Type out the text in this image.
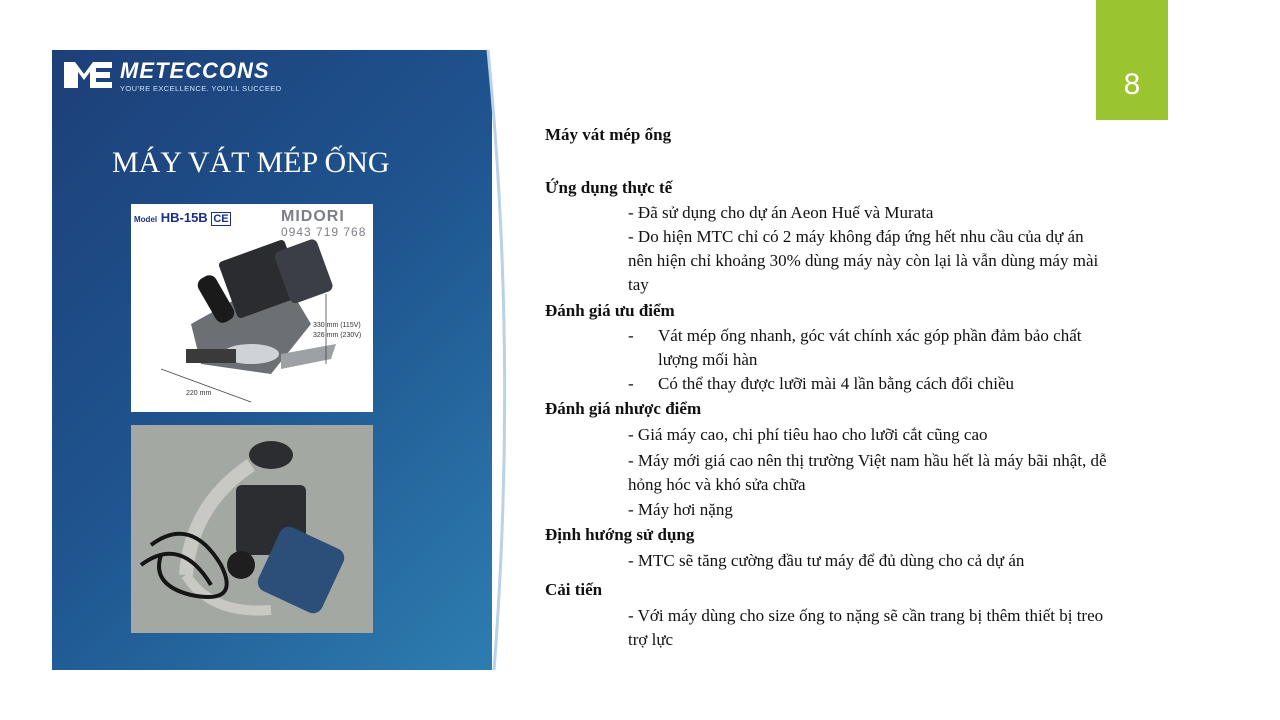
METECCONS
YOU'RE EXCELLENCE. YOU'LL SUCCEED
MÁY VÁT MÉP ỐNG
Model HB-15B CE	MIDORI
0943 719 768
330 mm (115V)
326 mm (230V)
220 mm
8
Máy vát mép ống
Ứng dụng thực tế
- Đã sử dụng cho dự án Aeon Huế và Murata
- Do hiện MTC chỉ có 2 máy không đáp ứng hết nhu cầu của dự án
nên hiện chỉ khoảng 30% dùng máy này còn lại là vẫn dùng máy mài
tay
Đánh giá ưu điểm
- Vát mép ống nhanh, góc vát chính xác góp phần đảm bảo chất
lượng mối hàn
- Có thể thay được lưỡi mài 4 lần bằng cách đổi chiều
Đánh giá nhược điểm
- Giá máy cao, chi phí tiêu hao cho lưỡi cắt cũng cao
- Máy mới giá cao nên thị trường Việt nam hầu hết là máy bãi nhật, dễ
hỏng hóc và khó sửa chữa
- Máy hơi nặng
Định hướng sử dụng
- MTC sẽ tăng cường đầu tư máy để đủ dùng cho cả dự án
Cải tiến
- Với máy dùng cho size ống to nặng sẽ cần trang bị thêm thiết bị treo
trợ lực
